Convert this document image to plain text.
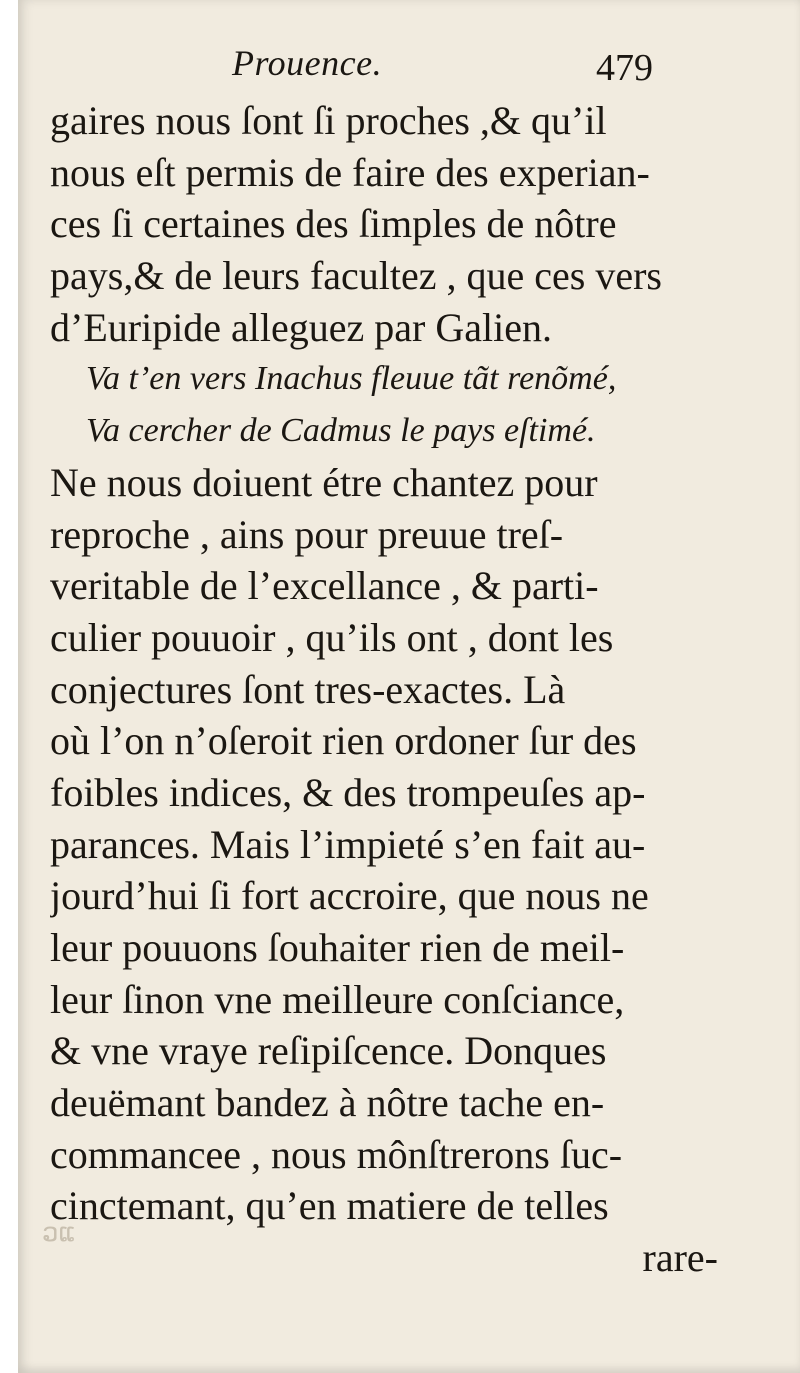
Prouence.	479
gaires nous ſont ſi proches ,& qu’il
nous eſt permis de faire des experian-
ces ſi certaines des ſimples de nôtre
pays,& de leurs facultez , que ces vers
d’Euripide alleguez par Galien.
Va t’en vers Inachus fleuue tãt renõmé,
Va cercher de Cadmus le pays eſtimé.
Ne nous doiuent étre chantez pour
reproche , ains pour preuue treſ-
veritable de l’excellance , & parti-
culier pouuoir , qu’ils ont , dont les
conjectures ſont tres-exactes. Là
où l’on n’oſeroit rien ordoner ſur des
foibles indices, & des trompeuſes ap-
parances. Mais l’impieté s’en fait au-
jourd’hui ſi fort accroire, que nous ne
leur pouuons ſouhaiter rien de meil-
leur ſinon vne meilleure conſciance,
& vne vraye reſipiſcence. Donques
deuëmant bandez à nôtre tache en-
commancee , nous mônſtrerons ſuc-
cinctemant, qu’en matiere de telles
rare-
ວແ
